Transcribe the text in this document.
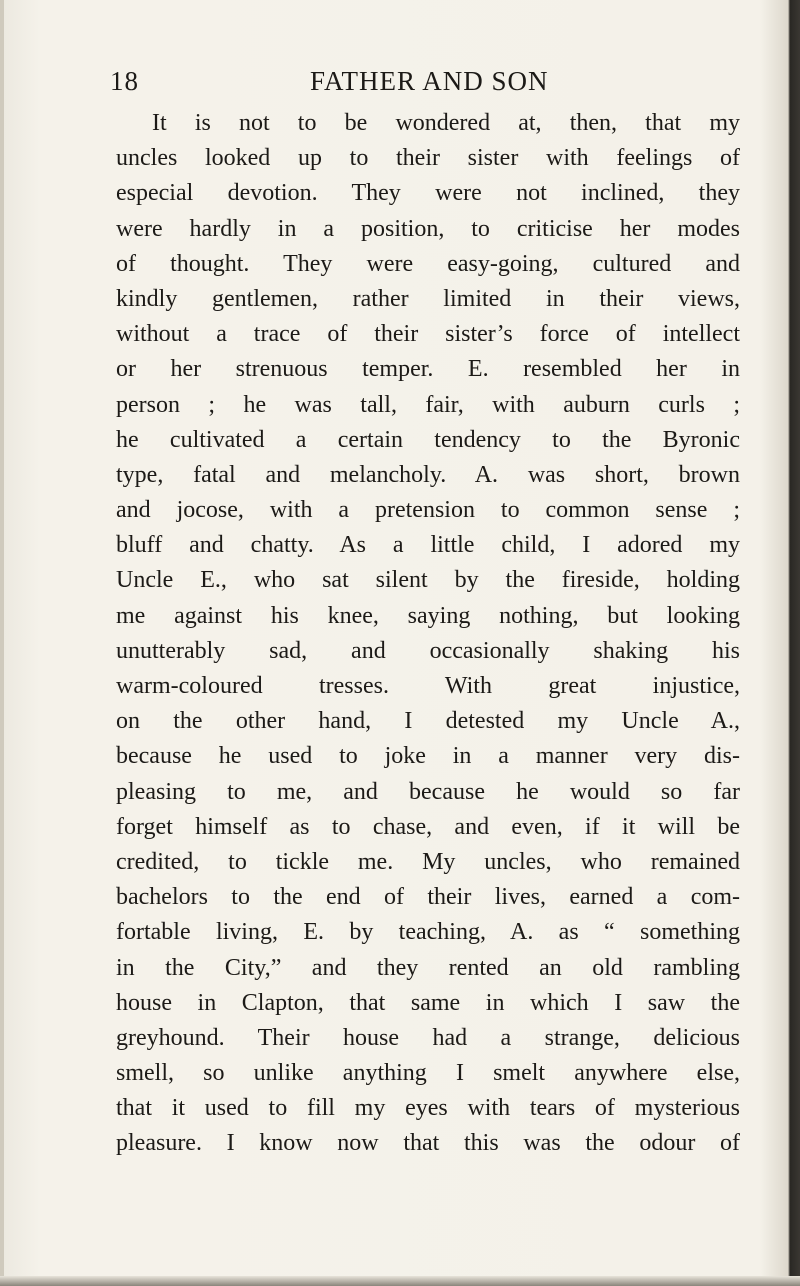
18	FATHER AND SON
It is not to be wondered at, then, that my
uncles looked up to their sister with feelings of
especial devotion. They were not inclined, they
were hardly in a position, to criticise her modes
of thought. They were easy-going, cultured and
kindly gentlemen, rather limited in their views,
without a trace of their sister’s force of intellect
or her strenuous temper. E. resembled her in
person ; he was tall, fair, with auburn curls ;
he cultivated a certain tendency to the Byronic
type, fatal and melancholy. A. was short, brown
and jocose, with a pretension to common sense ;
bluff and chatty. As a little child, I adored my
Uncle E., who sat silent by the fireside, holding
me against his knee, saying nothing, but looking
unutterably sad, and occasionally shaking his
warm-coloured tresses. With great injustice,
on the other hand, I detested my Uncle A.,
because he used to joke in a manner very dis-
pleasing to me, and because he would so far
forget himself as to chase, and even, if it will be
credited, to tickle me. My uncles, who remained
bachelors to the end of their lives, earned a com-
fortable living, E. by teaching, A. as “ something
in the City,” and they rented an old rambling
house in Clapton, that same in which I saw the
greyhound. Their house had a strange, delicious
smell, so unlike anything I smelt anywhere else,
that it used to fill my eyes with tears of mysterious
pleasure. I know now that this was the odour of
